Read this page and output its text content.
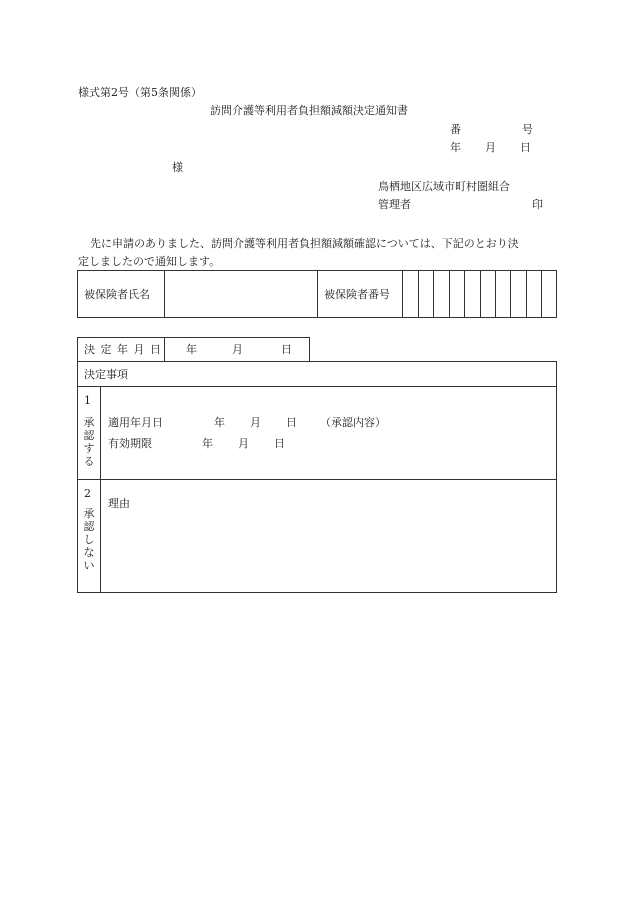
様式第2号（第5条関係）
訪問介護等利用者負担額減額決定通知書
番	号
年 月 日
様
鳥栖地区広域市町村圏組合
管理者	印
先に申請のありました、訪問介護等利用者負担額減額確認については、下記のとおり決
定しましたので通知します。
被保険者氏名	被保険者番号
決 定 年 月 日 年	月	日
決定事項
1
承認する
適用年月日	年 月 日 （承認内容）
有効期限	年 月 日
2
承認しない
理由
